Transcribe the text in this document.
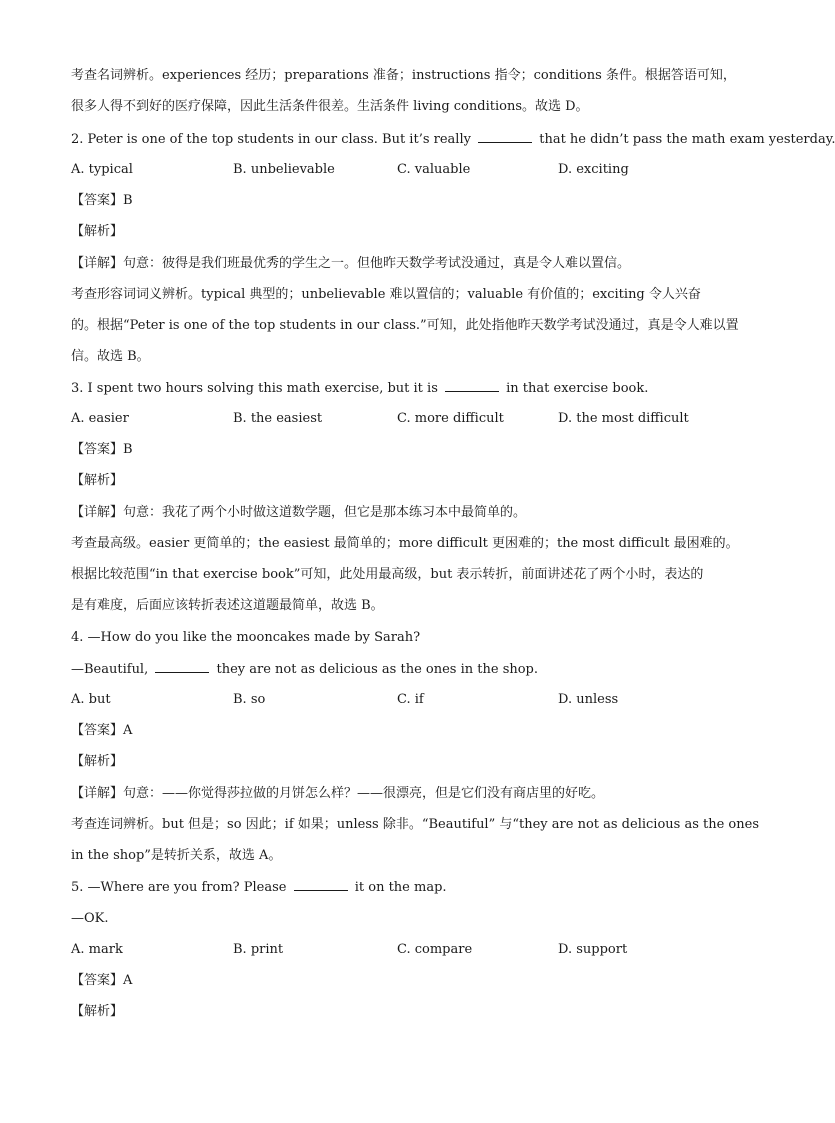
考查名词辨析。experiences 经历；preparations 准备；instructions 指令；conditions 条件。根据答语可知，
很多人得不到好的医疗保障，因此生活条件很差。生活条件 living conditions。故选 D。
2. Peter is one of the top students in our class. But it’s really	that he didn’t pass the math exam yesterday.
A. typical	B. unbelievable	C. valuable	D. exciting
【答案】B
【解析】
【详解】句意：彼得是我们班最优秀的学生之一。但他昨天数学考试没通过，真是令人难以置信。
考查形容词词义辨析。typical 典型的；unbelievable 难以置信的；valuable 有价值的；exciting 令人兴奋
的。根据“Peter is one of the top students in our class.”可知，此处指他昨天数学考试没通过，真是令人难以置
信。故选 B。
3. I spent two hours solving this math exercise, but it is	in that exercise book.
A. easier	B. the easiest	C. more difficult	D. the most difficult
【答案】B
【解析】
【详解】句意：我花了两个小时做这道数学题，但它是那本练习本中最简单的。
考查最高级。easier 更简单的；the easiest 最简单的；more difficult 更困难的；the most difficult 最困难的。
根据比较范围“in that exercise book”可知，此处用最高级，but 表示转折，前面讲述花了两个小时，表达的
是有难度，后面应该转折表述这道题最简单，故选 B。
4. —How do you like the mooncakes made by Sarah?
—Beautiful,	they are not as delicious as the ones in the shop.
A. but	B. so	C. if	D. unless
【答案】A
【解析】
【详解】句意：——你觉得莎拉做的月饼怎么样？——很漂亮，但是它们没有商店里的好吃。
考查连词辨析。but 但是；so 因此；if 如果；unless 除非。“Beautiful” 与“they are not as delicious as the ones
in the shop”是转折关系，故选 A。
5. —Where are you from? Please	it on the map.
—OK.
A. mark	B. print	C. compare	D. support
【答案】A
【解析】
